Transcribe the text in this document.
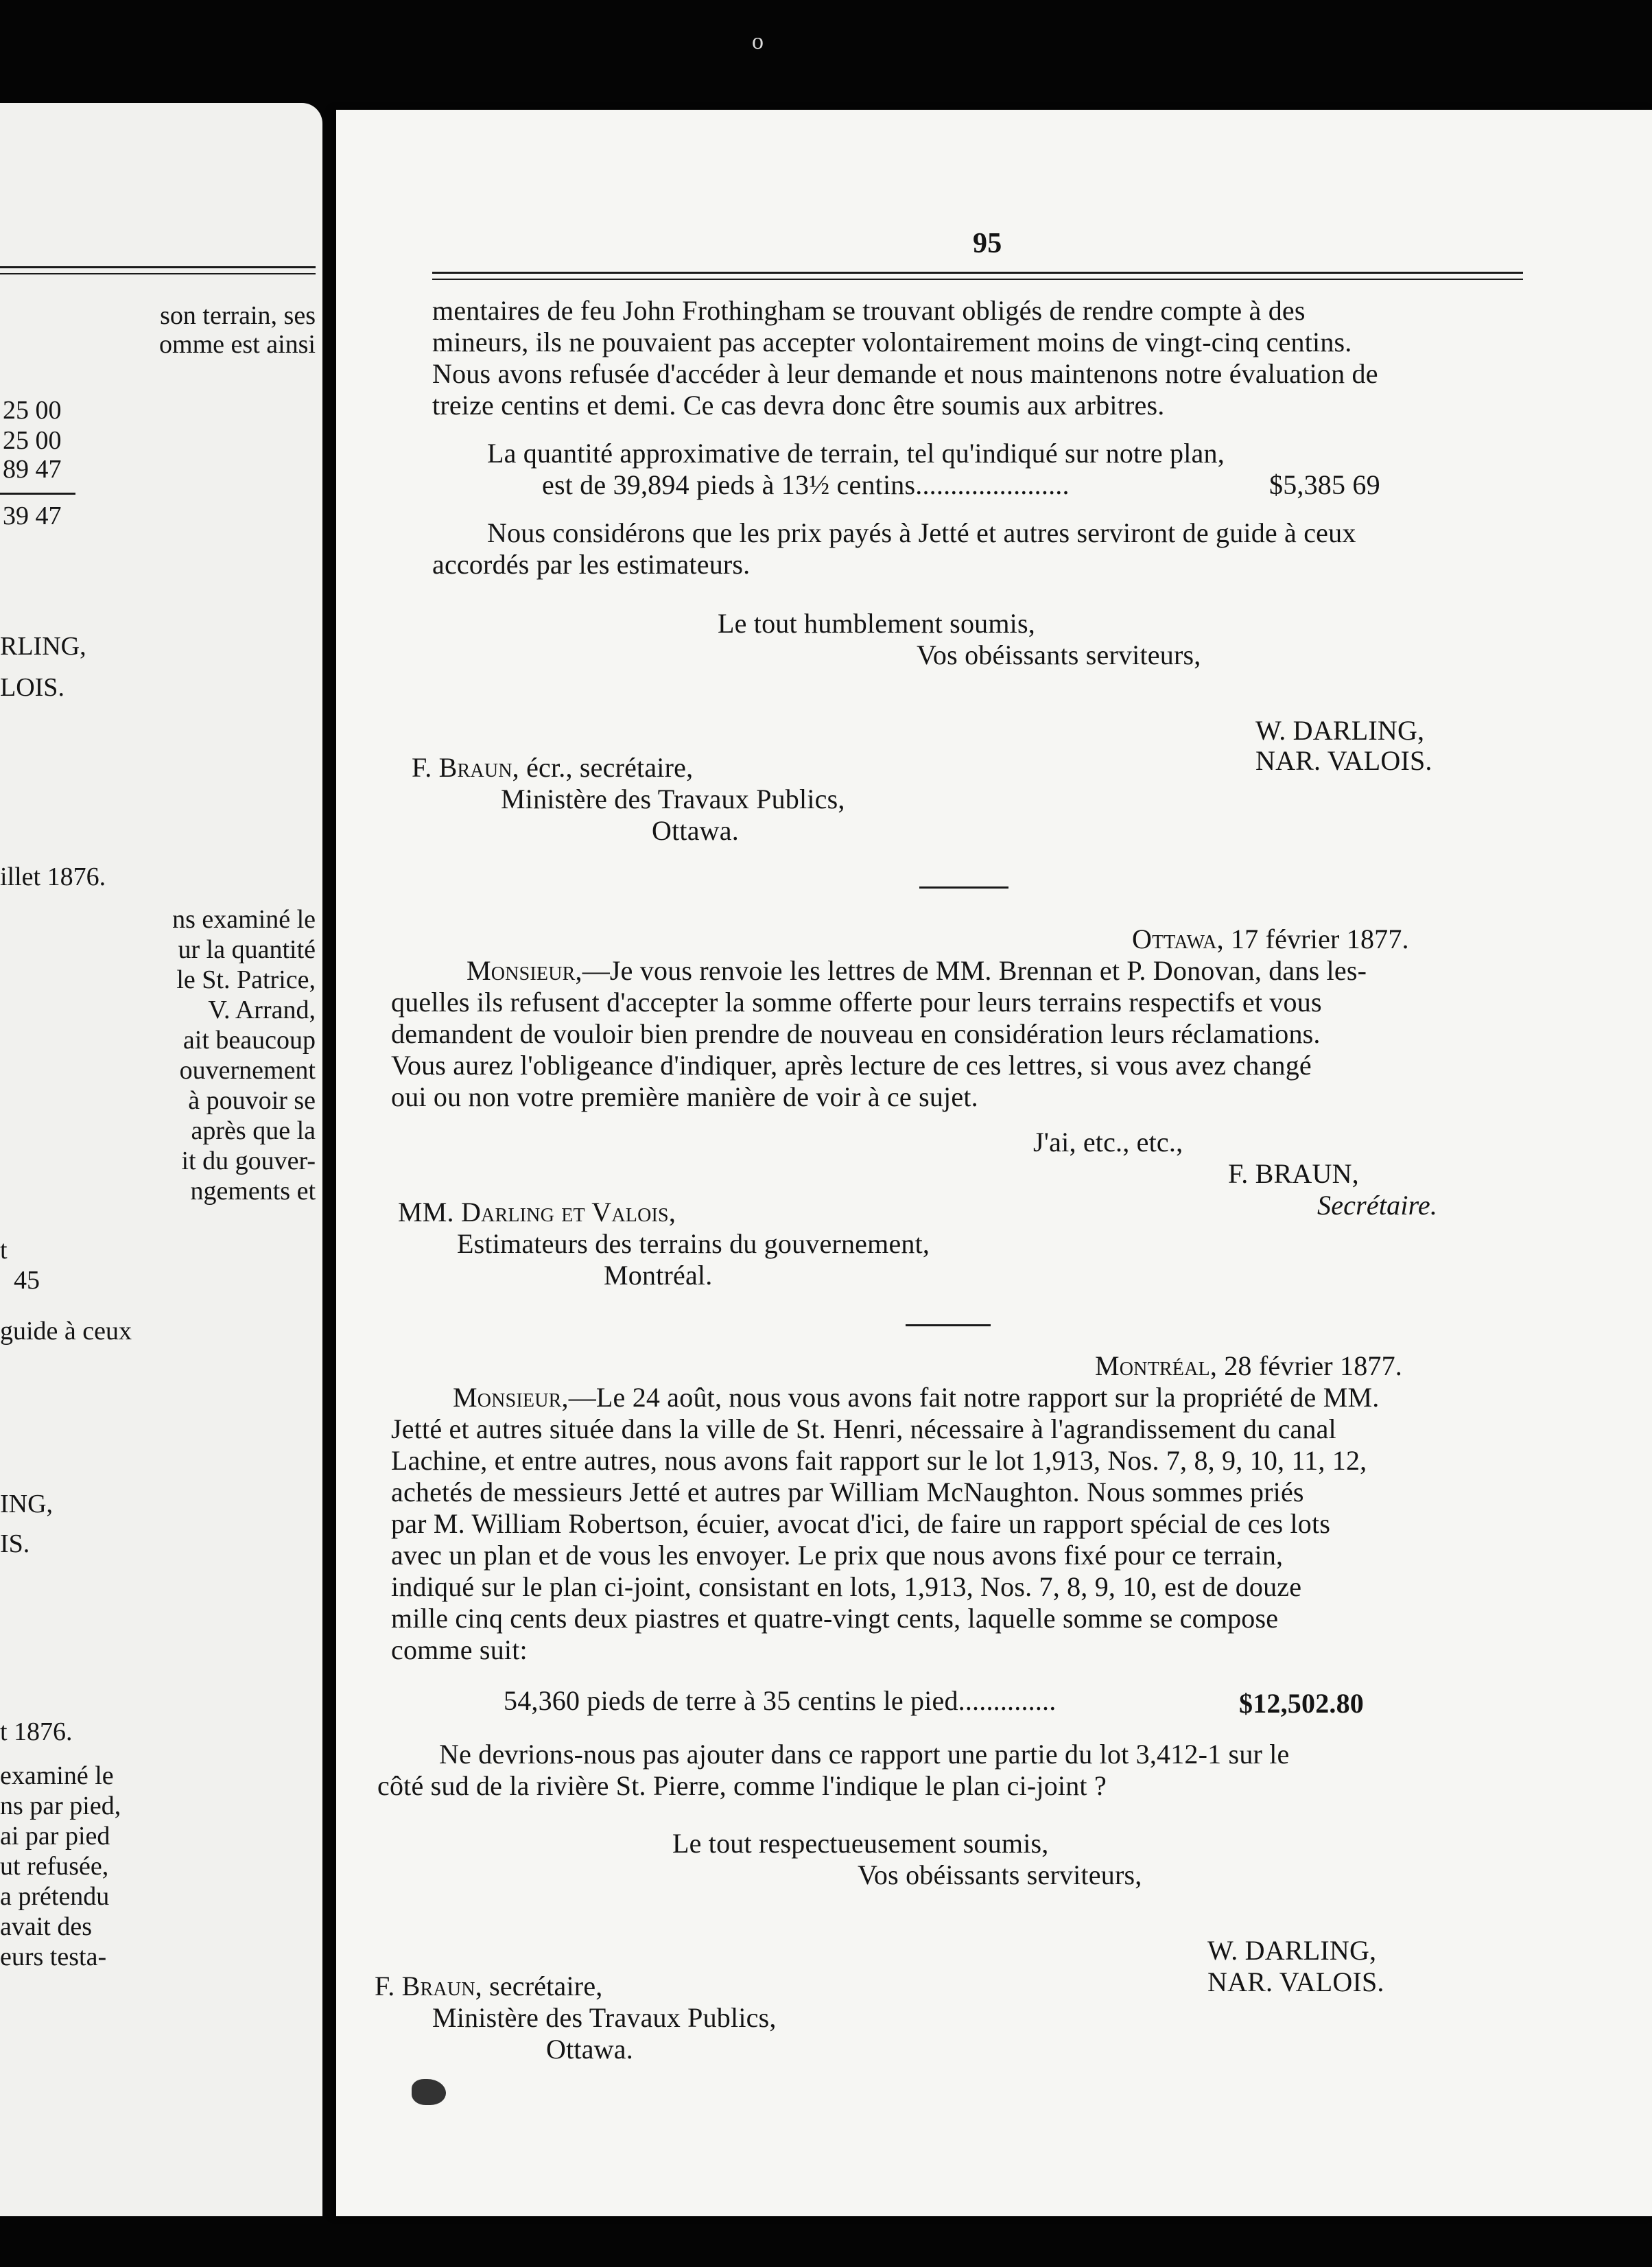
o
son terrain, ses
omme est ainsi
25 00
25 00
89 47
39 47
RLING,
LOIS.
illet 1876.
ns examiné le
ur la quantité
le St. Patrice,
V. Arrand,
ait beaucoup
ouvernement
à pouvoir se
après que la
it du gouver-
ngements et
t
45
guide à ceux
ING,
IS.
t 1876.
examiné le
ns par pied,
ai par pied
ut refusée,
a prétendu
avait des
eurs testa-
95
mentaires de feu John Frothingham se trouvant obligés de rendre compte à des
mineurs, ils ne pouvaient pas accepter volontairement moins de vingt-cinq centins.
Nous avons refusée d'accéder à leur demande et nous maintenons notre évaluation de
treize centins et demi. Ce cas devra donc être soumis aux arbitres.
La quantité approximative de terrain, tel qu'indiqué sur notre plan,
est de 39,894 pieds à 13½ centins......................	$5,385 69
Nous considérons que les prix payés à Jetté et autres serviront de guide à ceux
accordés par les estimateurs.
Le tout humblement soumis,
Vos obéissants serviteurs,
W. DARLING,
NAR. VALOIS.
F. Braun, écr., secrétaire,
Ministère des Travaux Publics,
Ottawa.
Ottawa, 17 février 1877.
Monsieur,—Je vous renvoie les lettres de MM. Brennan et P. Donovan, dans les-
quelles ils refusent d'accepter la somme offerte pour leurs terrains respectifs et vous
demandent de vouloir bien prendre de nouveau en considération leurs réclamations.
Vous aurez l'obligeance d'indiquer, après lecture de ces lettres, si vous avez changé
oui ou non votre première manière de voir à ce sujet.
J'ai, etc., etc.,
F. BRAUN,
Secrétaire.
MM. Darling et Valois,
Estimateurs des terrains du gouvernement,
Montréal.
Montréal, 28 février 1877.
Monsieur,—Le 24 août, nous vous avons fait notre rapport sur la propriété de MM.
Jetté et autres située dans la ville de St. Henri, nécessaire à l'agrandissement du canal
Lachine, et entre autres, nous avons fait rapport sur le lot 1,913, Nos. 7, 8, 9, 10, 11, 12,
achetés de messieurs Jetté et autres par William McNaughton. Nous sommes priés
par M. William Robertson, écuier, avocat d'ici, de faire un rapport spécial de ces lots
avec un plan et de vous les envoyer. Le prix que nous avons fixé pour ce terrain,
indiqué sur le plan ci-joint, consistant en lots, 1,913, Nos. 7, 8, 9, 10, est de douze
mille cinq cents deux piastres et quatre-vingt cents, laquelle somme se compose
comme suit:
54,360 pieds de terre à 35 centins le pied..............	$12,502.80
Ne devrions-nous pas ajouter dans ce rapport une partie du lot 3,412-1 sur le
côté sud de la rivière St. Pierre, comme l'indique le plan ci-joint ?
Le tout respectueusement soumis,
Vos obéissants serviteurs,
W. DARLING,
NAR. VALOIS.
F. Braun, secrétaire,
Ministère des Travaux Publics,
Ottawa.
